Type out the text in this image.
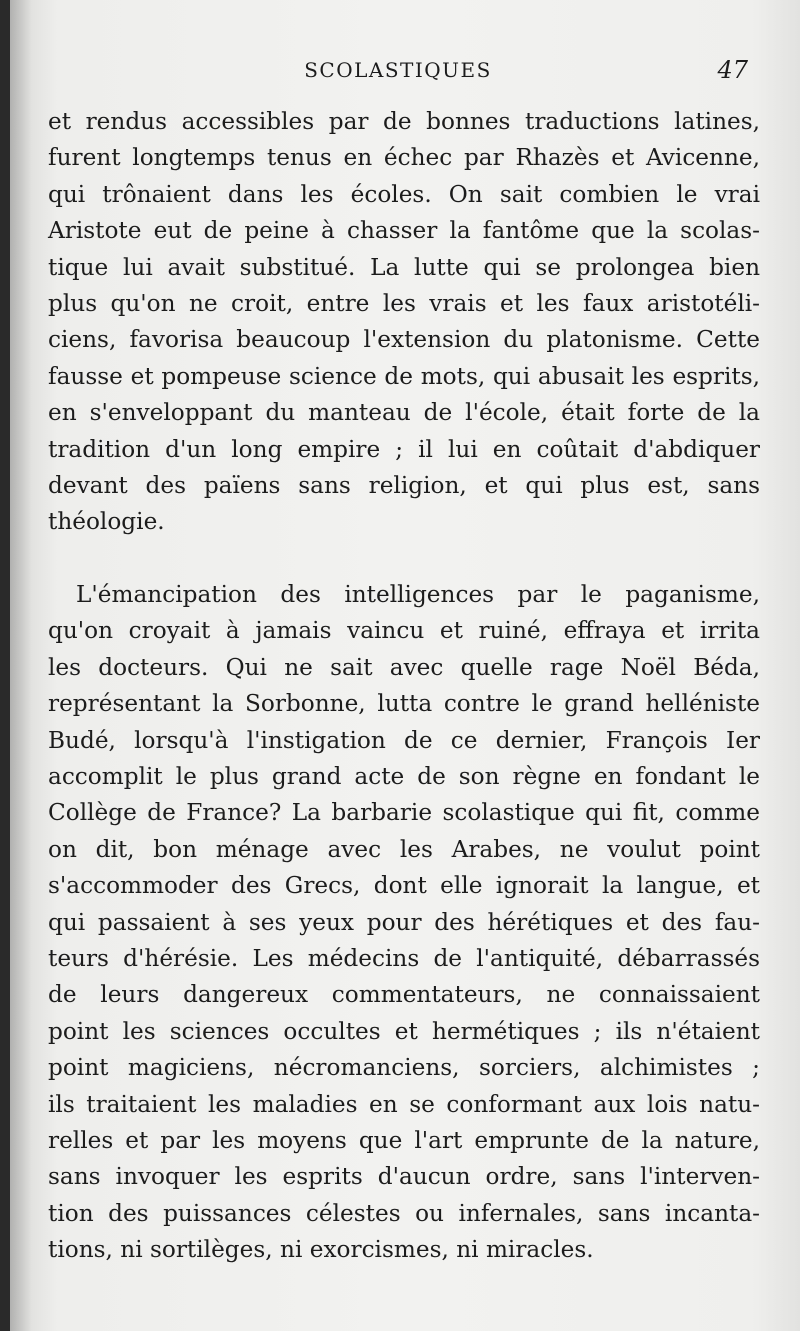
SCOLASTIQUES	47
et rendus accessibles par de bonnes traductions latines,
furent longtemps tenus en échec par Rhazès et Avicenne,
qui trônaient dans les écoles. On sait combien le vrai
Aristote eut de peine à chasser la fantôme que la scolas-
tique lui avait substitué. La lutte qui se prolongea bien
plus qu'on ne croit, entre les vrais et les faux aristotéli-
ciens, favorisa beaucoup l'extension du platonisme. Cette
fausse et pompeuse science de mots, qui abusait les esprits,
en s'enveloppant du manteau de l'école, était forte de la
tradition d'un long empire ; il lui en coûtait d'abdiquer
devant des païens sans religion, et qui plus est, sans
théologie.
L'émancipation des intelligences par le paganisme,
qu'on croyait à jamais vaincu et ruiné, effraya et irrita
les docteurs. Qui ne sait avec quelle rage Noël Béda,
représentant la Sorbonne, lutta contre le grand helléniste
Budé, lorsqu'à l'instigation de ce dernier, François Ier
accomplit le plus grand acte de son règne en fondant le
Collège de France? La barbarie scolastique qui fit, comme
on dit, bon ménage avec les Arabes, ne voulut point
s'accommoder des Grecs, dont elle ignorait la langue, et
qui passaient à ses yeux pour des hérétiques et des fau-
teurs d'hérésie. Les médecins de l'antiquité, débarrassés
de leurs dangereux commentateurs, ne connaissaient
point les sciences occultes et hermétiques ; ils n'étaient
point magiciens, nécromanciens, sorciers, alchimistes ;
ils traitaient les maladies en se conformant aux lois natu-
relles et par les moyens que l'art emprunte de la nature,
sans invoquer les esprits d'aucun ordre, sans l'interven-
tion des puissances célestes ou infernales, sans incanta-
tions, ni sortilèges, ni exorcismes, ni miracles.
